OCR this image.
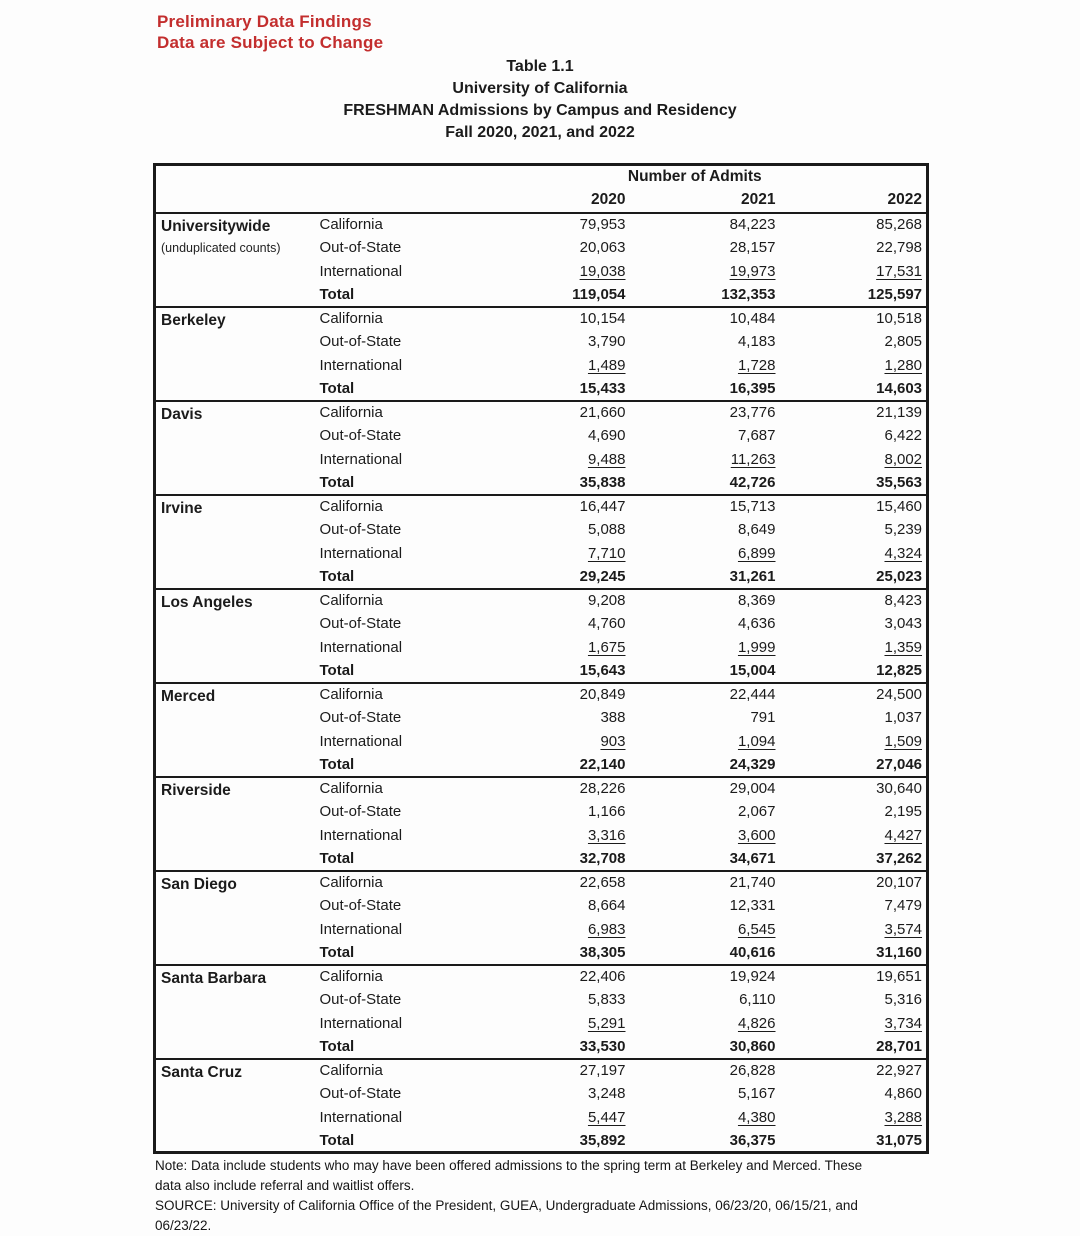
Preliminary Data Findings
Data are Subject to Change
Table 1.1
University of California
FRESHMAN Admissions by Campus and Residency
Fall 2020, 2021, and 2022
		Number of Admits		
		2020	2021	2022

Universitywide
(unduplicated counts)	California	79,953	84,223	85,268
	Out-of-State	20,063	28,157	22,798
	International	19,038	19,973	17,531
	Total	119,054	132,353	125,597

Berkeley	California	10,154	10,484	10,518
	Out-of-State	3,790	4,183	2,805
	International	1,489	1,728	1,280
	Total	15,433	16,395	14,603

Davis	California	21,660	23,776	21,139
	Out-of-State	4,690	7,687	6,422
	International	9,488	11,263	8,002
	Total	35,838	42,726	35,563

Irvine	California	16,447	15,713	15,460
	Out-of-State	5,088	8,649	5,239
	International	7,710	6,899	4,324
	Total	29,245	31,261	25,023

Los Angeles	California	9,208	8,369	8,423
	Out-of-State	4,760	4,636	3,043
	International	1,675	1,999	1,359
	Total	15,643	15,004	12,825

Merced	California	20,849	22,444	24,500
	Out-of-State	388	791	1,037
	International	903	1,094	1,509
	Total	22,140	24,329	27,046

Riverside	California	28,226	29,004	30,640
	Out-of-State	1,166	2,067	2,195
	International	3,316	3,600	4,427
	Total	32,708	34,671	37,262

San Diego	California	22,658	21,740	20,107
	Out-of-State	8,664	12,331	7,479
	International	6,983	6,545	3,574
	Total	38,305	40,616	31,160

Santa Barbara	California	22,406	19,924	19,651
	Out-of-State	5,833	6,110	5,316
	International	5,291	4,826	3,734
	Total	33,530	30,860	28,701

Santa Cruz	California	27,197	26,828	22,927
	Out-of-State	3,248	5,167	4,860
	International	5,447	4,380	3,288
	Total	35,892	36,375	31,075
Note: Data include students who may have been offered admissions to the spring term at Berkeley and Merced. These
data also include referral and waitlist offers.
SOURCE: University of California Office of the President, GUEA, Undergraduate Admissions, 06/23/20, 06/15/21, and
06/23/22.
